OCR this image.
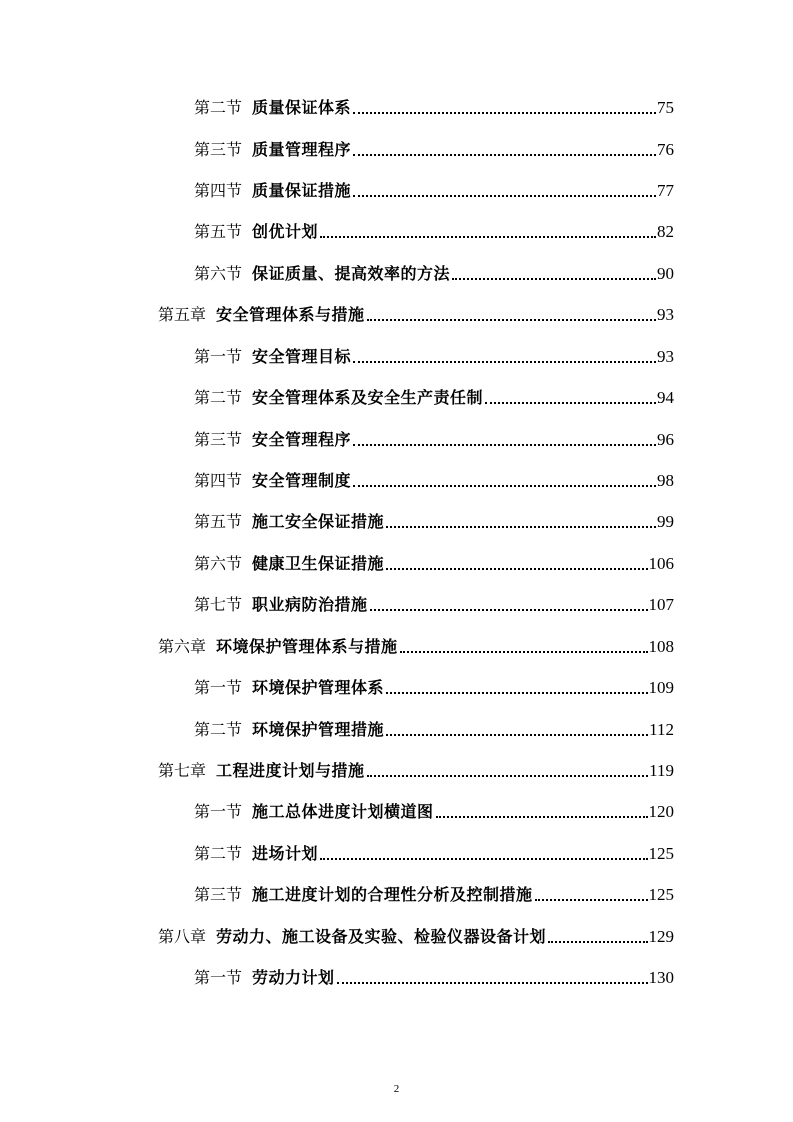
第二节 质量保证体系	75
第三节 质量管理程序	76
第四节 质量保证措施	77
第五节 创优计划	82
第六节 保证质量、提高效率的方法	90
第五章 安全管理体系与措施	93
第一节 安全管理目标	93
第二节 安全管理体系及安全生产责任制	94
第三节 安全管理程序	96
第四节 安全管理制度	98
第五节 施工安全保证措施	99
第六节 健康卫生保证措施	106
第七节 职业病防治措施	107
第六章 环境保护管理体系与措施	108
第一节 环境保护管理体系	109
第二节 环境保护管理措施	112
第七章 工程进度计划与措施	119
第一节 施工总体进度计划横道图	120
第二节 进场计划	125
第三节 施工进度计划的合理性分析及控制措施	125
第八章 劳动力、施工设备及实验、检验仪器设备计划	129
第一节 劳动力计划	130
2
